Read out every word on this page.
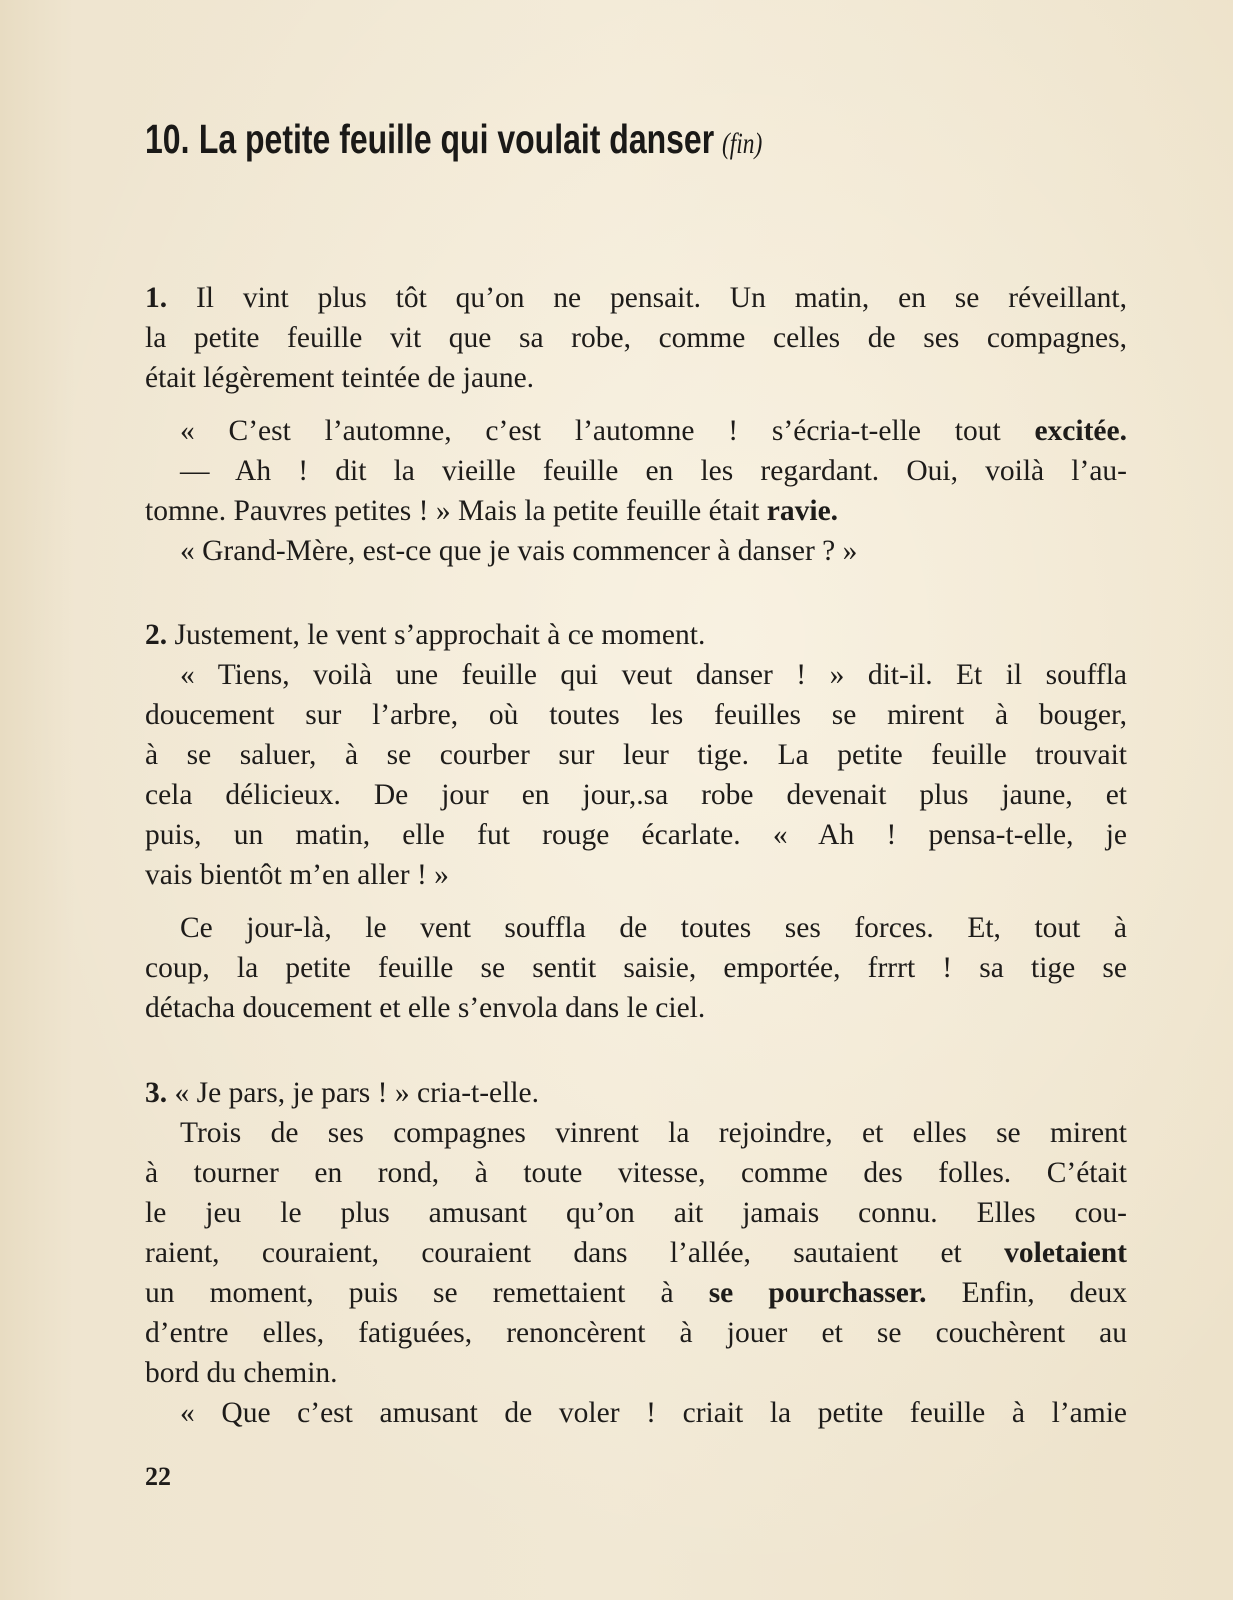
10. La petite feuille qui voulait danser (fin)
1. Il vint plus tôt qu’on ne pensait. Un matin, en se réveillant,
la petite feuille vit que sa robe, comme celles de ses compagnes,
était légèrement teintée de jaune.
« C’est l’automne, c’est l’automne ! s’écria-t-elle tout excitée.
— Ah ! dit la vieille feuille en les regardant. Oui, voilà l’au-
tomne. Pauvres petites ! » Mais la petite feuille était ravie.
« Grand-Mère, est-ce que je vais commencer à danser ? »
2. Justement, le vent s’approchait à ce moment.
« Tiens, voilà une feuille qui veut danser ! » dit-il. Et il souffla
doucement sur l’arbre, où toutes les feuilles se mirent à bouger,
à se saluer, à se courber sur leur tige. La petite feuille trouvait
cela délicieux. De jour en jour,.sa robe devenait plus jaune, et
puis, un matin, elle fut rouge écarlate. « Ah ! pensa-t-elle, je
vais bientôt m’en aller ! »
Ce jour-là, le vent souffla de toutes ses forces. Et, tout à
coup, la petite feuille se sentit saisie, emportée, frrrt ! sa tige se
détacha doucement et elle s’envola dans le ciel.
3. « Je pars, je pars ! » cria-t-elle.
Trois de ses compagnes vinrent la rejoindre, et elles se mirent
à tourner en rond, à toute vitesse, comme des folles. C’était
le jeu le plus amusant qu’on ait jamais connu. Elles cou-
raient, couraient, couraient dans l’allée, sautaient et voletaient
un moment, puis se remettaient à se pourchasser. Enfin, deux
d’entre elles, fatiguées, renoncèrent à jouer et se couchèrent au
bord du chemin.
« Que c’est amusant de voler ! criait la petite feuille à l’amie
22
